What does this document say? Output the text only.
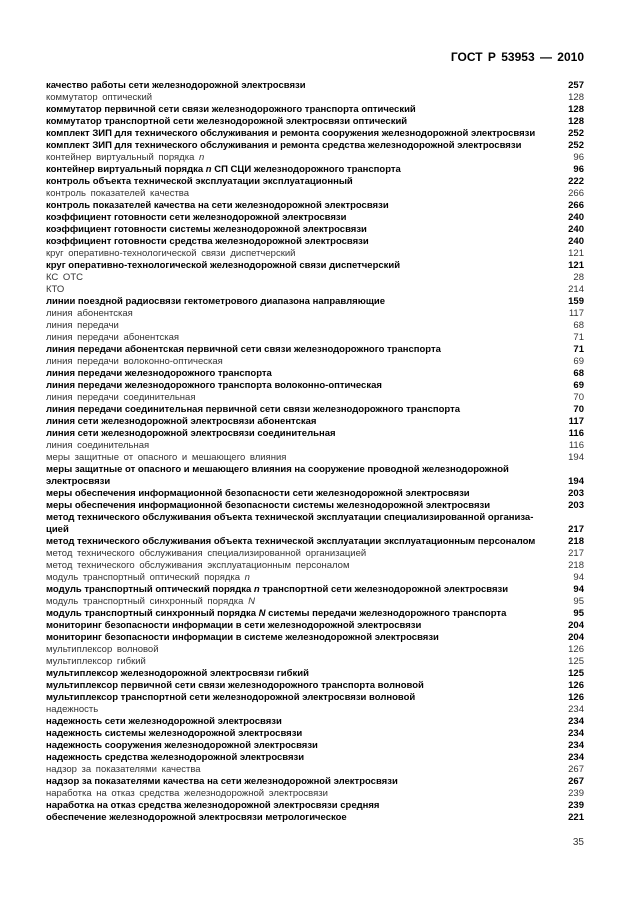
ГОСТ Р 53953 — 2010
качество работы сети железнодорожной электросвязи	257
коммутатор оптический	128
коммутатор первичной сети связи железнодорожного транспорта оптический	128
коммутатор транспортной сети железнодорожной электросвязи оптический	128
комплект ЗИП для технического обслуживания и ремонта сооружения железнодорожной электросвязи	252
комплект ЗИП для технического обслуживания и ремонта средства железнодорожной электросвязи	252
контейнер виртуальный порядка n	96
контейнер виртуальный порядка n СП СЦИ железнодорожного транспорта	96
контроль объекта технической эксплуатации эксплуатационный	222
контроль показателей качества	266
контроль показателей качества на сети железнодорожной электросвязи	266
коэффициент готовности сети железнодорожной электросвязи	240
коэффициент готовности системы железнодорожной электросвязи	240
коэффициент готовности средства железнодорожной электросвязи	240
круг оперативно-технологической связи диспетчерский	121
круг оперативно-технологической железнодорожной связи диспетчерский	121
КС ОТС	28
КТО	214
линии поездной радиосвязи гектометрового диапазона направляющие	159
линия абонентская	117
линия передачи	68
линия передачи абонентская	71
линия передачи абонентская первичной сети связи железнодорожного транспорта	71
линия передачи волоконно-оптическая	69
линия передачи железнодорожного транспорта	68
линия передачи железнодорожного транспорта волоконно-оптическая	69
линия передачи соединительная	70
линия передачи соединительная первичной сети связи железнодорожного транспорта	70
линия сети железнодорожной электросвязи абонентская	117
линия сети железнодорожной электросвязи соединительная	116
линия соединительная	116
меры защитные от опасного и мешающего влияния	194
меры защитные от опасного и мешающего влияния на сооружение проводной железнодорожной
электросвязи	194
меры обеспечения информационной безопасности сети железнодорожной электросвязи	203
меры обеспечения информационной безопасности системы железнодорожной электросвязи	203
метод технического обслуживания объекта технической эксплуатации специализированной организа-
цией	217
метод технического обслуживания объекта технической эксплуатации эксплуатационным персоналом	218
метод технического обслуживания специализированной организацией	217
метод технического обслуживания эксплуатационным персоналом	218
модуль транспортный оптический порядка n	94
модуль транспортный оптический порядка n транспортной сети железнодорожной электросвязи	94
модуль транспортный синхронный порядка N	95
модуль транспортный синхронный порядка N системы передачи железнодорожного транспорта	95
мониторинг безопасности информации в сети железнодорожной электросвязи	204
мониторинг безопасности информации в системе железнодорожной электросвязи	204
мультиплексор волновой	126
мультиплексор гибкий	125
мультиплексор железнодорожной электросвязи гибкий	125
мультиплексор первичной сети связи железнодорожного транспорта волновой	126
мультиплексор транспортной сети железнодорожной электросвязи волновой	126
надежность	234
надежность сети железнодорожной электросвязи	234
надежность системы железнодорожной электросвязи	234
надежность сооружения железнодорожной электросвязи	234
надежность средства железнодорожной электросвязи	234
надзор за показателями качества	267
надзор за показателями качества на сети железнодорожной электросвязи	267
наработка на отказ средства железнодорожной электросвязи	239
наработка на отказ средства железнодорожной электросвязи средняя	239
обеспечение железнодорожной электросвязи метрологическое	221
35
